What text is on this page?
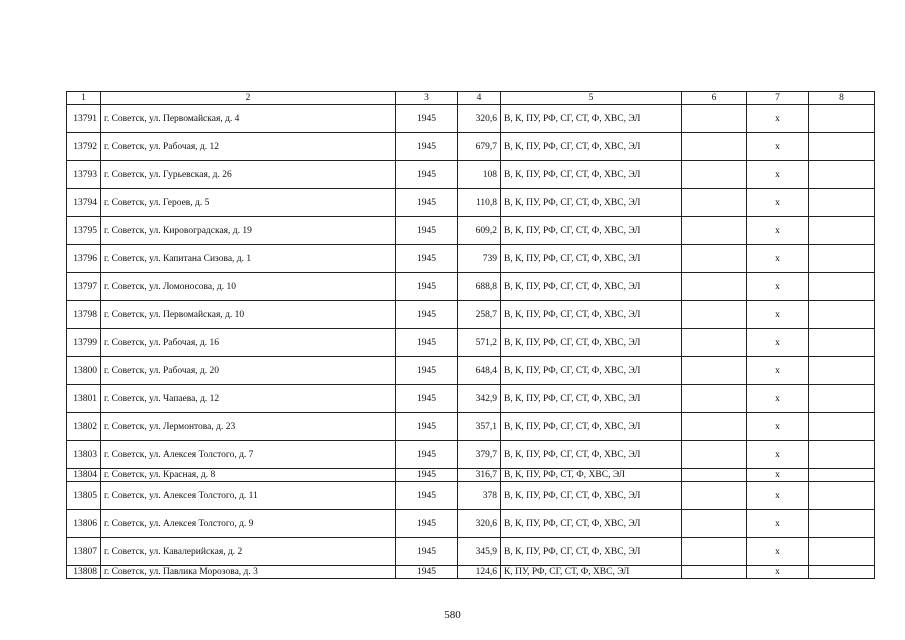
1	2	3	4	5	6	7	8
13791	г. Советск, ул. Первомайская, д. 4	1945	320,6	В, К, ПУ, РФ, СГ, СТ, Ф, ХВС, ЭЛ		х	
13792	г. Советск, ул. Рабочая, д. 12	1945	679,7	В, К, ПУ, РФ, СГ, СТ, Ф, ХВС, ЭЛ		х	
13793	г. Советск, ул. Гурьевская, д. 26	1945	108	В, К, ПУ, РФ, СГ, СТ, Ф, ХВС, ЭЛ		х	
13794	г. Советск, ул. Героев, д. 5	1945	110,8	В, К, ПУ, РФ, СГ, СТ, Ф, ХВС, ЭЛ		х	
13795	г. Советск, ул. Кировоградская, д. 19	1945	609,2	В, К, ПУ, РФ, СГ, СТ, Ф, ХВС, ЭЛ		х	
13796	г. Советск, ул. Капитана Сизова, д. 1	1945	739	В, К, ПУ, РФ, СГ, СТ, Ф, ХВС, ЭЛ		х	
13797	г. Советск, ул. Ломоносова, д. 10	1945	688,8	В, К, ПУ, РФ, СГ, СТ, Ф, ХВС, ЭЛ		х	
13798	г. Советск, ул. Первомайская, д. 10	1945	258,7	В, К, ПУ, РФ, СГ, СТ, Ф, ХВС, ЭЛ		х	
13799	г. Советск, ул. Рабочая, д. 16	1945	571,2	В, К, ПУ, РФ, СГ, СТ, Ф, ХВС, ЭЛ		х	
13800	г. Советск, ул. Рабочая, д. 20	1945	648,4	В, К, ПУ, РФ, СГ, СТ, Ф, ХВС, ЭЛ		х	
13801	г. Советск, ул. Чапаева, д. 12	1945	342,9	В, К, ПУ, РФ, СГ, СТ, Ф, ХВС, ЭЛ		х	
13802	г. Советск, ул. Лермонтова, д. 23	1945	357,1	В, К, ПУ, РФ, СГ, СТ, Ф, ХВС, ЭЛ		х	
13803	г. Советск, ул. Алексея Толстого, д. 7	1945	379,7	В, К, ПУ, РФ, СГ, СТ, Ф, ХВС, ЭЛ		х	
13804	г. Советск, ул. Красная, д. 8	1945	316,7	В, К, ПУ, РФ, СТ, Ф, ХВС, ЭЛ		х	
13805	г. Советск, ул. Алексея Толстого, д. 11	1945	378	В, К, ПУ, РФ, СГ, СТ, Ф, ХВС, ЭЛ		х	
13806	г. Советск, ул. Алексея Толстого, д. 9	1945	320,6	В, К, ПУ, РФ, СГ, СТ, Ф, ХВС, ЭЛ		х	
13807	г. Советск, ул. Кавалерийская, д. 2	1945	345,9	В, К, ПУ, РФ, СГ, СТ, Ф, ХВС, ЭЛ		х	
13808	г. Советск, ул. Павлика Морозова, д. 3	1945	124,6	К, ПУ, РФ, СГ, СТ, Ф, ХВС, ЭЛ		х	
580
